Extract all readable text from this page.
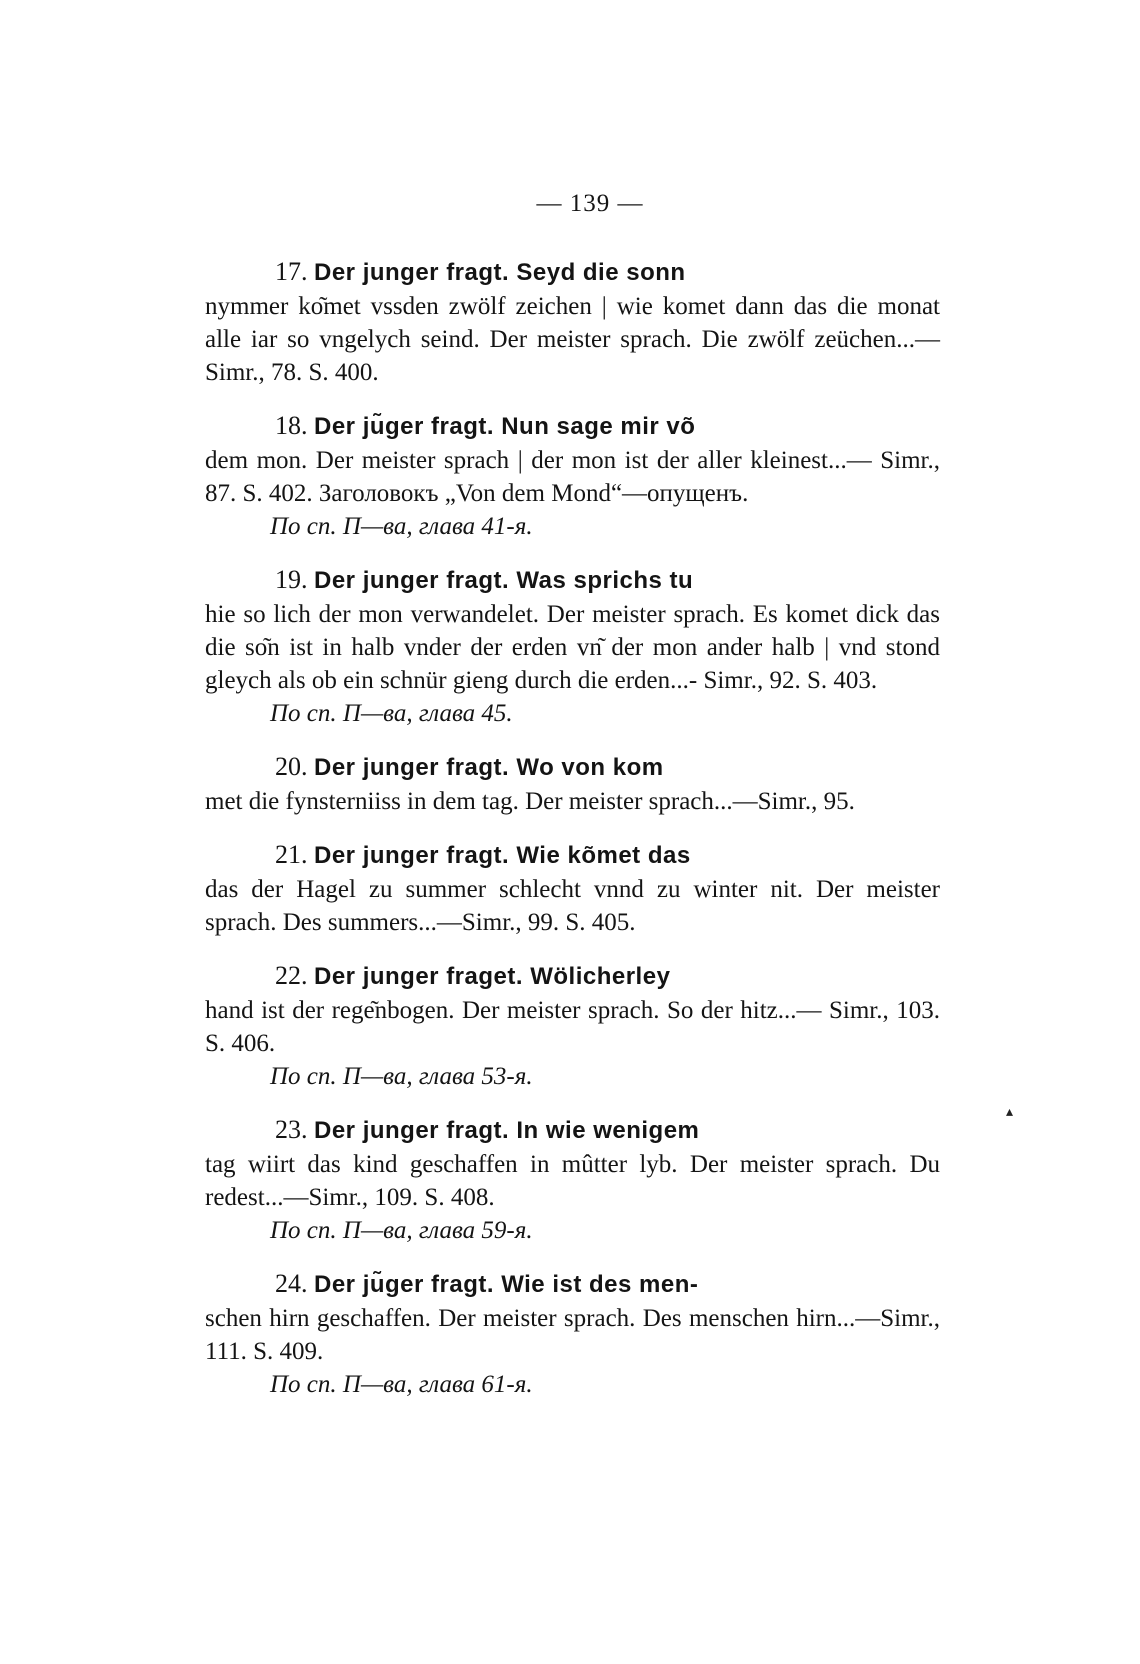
— 139 —
17. Der junger fragt. Seyd die sonn
nymmer ko͂met vssden zwölf zeichen | wie komet dann das die monat alle iar so vngelych seind. Der meister sprach. Die zwölf zeüchen...—Simr., 78. S. 400.
18. Der ju͂ger fragt. Nun sage mir vo͂
dem mon. Der meister sprach | der mon ist der aller kleinest...— Simr., 87. S. 402. Заголовокъ „Von dem Mond“—опущенъ.
По сп. П—ва, глава 41-я.
19. Der junger fragt. Was sprichs tu
hie so lich der mon verwandelet. Der meister sprach. Es komet dick das die so͂n ist in halb vnder der erden vn͂ der mon ander halb | vnd stond gleych als ob ein schnür gieng durch die erden...- Simr., 92. S. 403.
По сп. П—ва, глава 45.
20. Der junger fragt. Wo von kom
met die fynsterniiss in dem tag. Der meister sprach...—Simr., 95.
21. Der junger fragt. Wie ko͂met das
das der Hagel zu summer schlecht vnnd zu winter nit. Der meister sprach. Des summers...—Simr., 99. S. 405.
22. Der junger fraget. Wölicherley
hand ist der rege͂nbogen. Der meister sprach. So der hitz...— Simr., 103. S. 406.
По сп. П—ва, глава 53-я.
23. Der junger fragt. In wie wenigem
tag wiirt das kind geschaffen in mûtter lyb. Der meister sprach. Du redest...—Simr., 109. S. 408.
По сп. П—ва, глава 59-я.
24. Der ju͂ger fragt. Wie ist des men-
schen hirn geschaffen. Der meister sprach. Des menschen hirn...—Simr., 111. S. 409.
По сп. П—ва, глава 61-я.
▴
